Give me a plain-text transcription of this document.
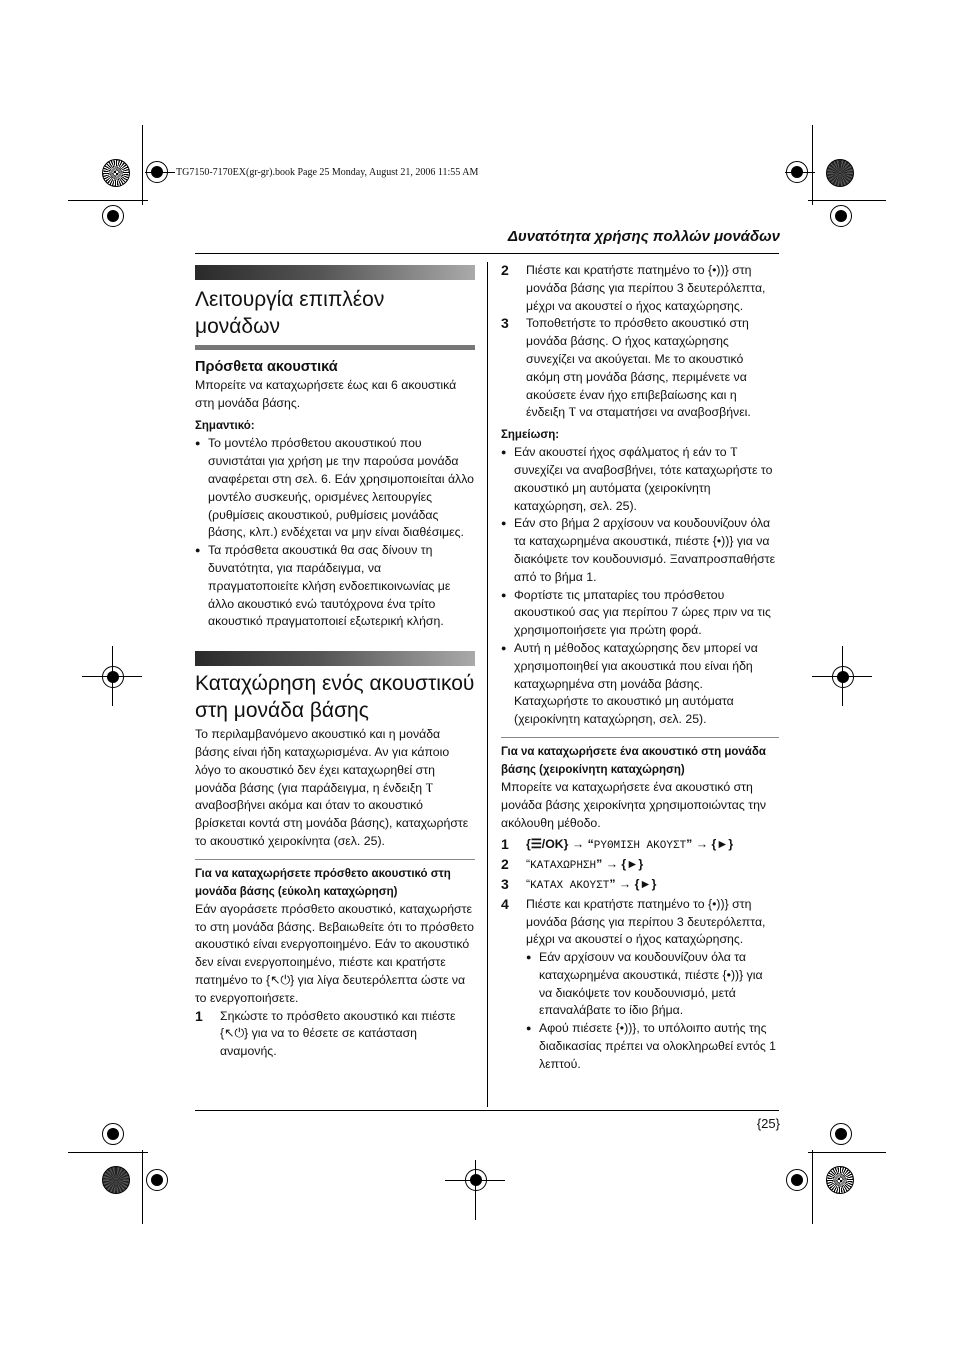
TG7150-7170EX(gr-gr).book Page 25 Monday, August 21, 2006 11:55 AM
Δυνατότητα χρήσης πολλών μονάδων
Λειτουργία επιπλέον μονάδων
Πρόσθετα ακουστικά

Μπορείτε να καταχωρήσετε έως και 6 ακουστικά στη μονάδα βάσης.

Σημαντικό:

● Το μοντέλο πρόσθετου ακουστικού που συνιστάται για χρήση με την παρούσα μονάδα αναφέρεται στη σελ. 6. Εάν χρησιμοποιείται άλλο μοντέλο συσκευής, ορισμένες λειτουργίες (ρυθμίσεις ακουστικού, ρυθμίσεις μονάδας βάσης, κλπ.) ενδέχεται να μην είναι διαθέσιμες.

● Τα πρόσθετα ακουστικά θα σας δίνουν τη δυνατότητα, για παράδειγμα, να πραγματοποιείτε κλήση ενδοεπικοινωνίας με άλλο ακουστικό ενώ ταυτόχρονα ένα τρίτο ακουστικό πραγματοποιεί εξωτερική κλήση.

Καταχώρηση ενός ακουστικού στη μονάδα βάσης

Το περιλαμβανόμενο ακουστικό και η μονάδα βάσης είναι ήδη καταχωρισμένα. Αν για κάποιο λόγο το ακουστικό δεν έχει καταχωρηθεί στη μονάδα βάσης (για παράδειγμα, η ένδειξη Ⲧ αναβοσβήνει ακόμα και όταν το ακουστικό βρίσκεται κοντά στη μονάδα βάσης), καταχωρήστε το ακουστικό χειροκίνητα (σελ. 25).

Για να καταχωρήσετε πρόσθετο ακουστικό στη μονάδα βάσης (εύκολη καταχώρηση)

Εάν αγοράσετε πρόσθετο ακουστικό, καταχωρήστε το στη μονάδα βάσης. Βεβαιωθείτε ότι το πρόσθετο ακουστικό είναι ενεργοποιημένο. Εάν το ακουστικό δεν είναι ενεργοποιημένο, πιέστε και κρατήστε πατημένο το {↖⏻} για λίγα δευτερόλεπτα ώστε να το ενεργοποιήσετε.

1 Σηκώστε το πρόσθετο ακουστικό και πιέστε {↖⏻} για να το θέσετε σε κατάσταση αναμονής.
2 Πιέστε και κρατήστε πατημένο το {•))} στη μονάδα βάσης για περίπου 3 δευτερόλεπτα, μέχρι να ακουστεί ο ήχος καταχώρησης.
3 Τοποθετήστε το πρόσθετο ακουστικό στη μονάδα βάσης. Ο ήχος καταχώρησης συνεχίζει να ακούγεται. Με το ακουστικό ακόμη στη μονάδα βάσης, περιμένετε να ακούσετε έναν ήχο επιβεβαίωσης και η ένδειξη Ⲧ να σταματήσει να αναβοσβήνει.
Σημείωση:

● Εάν ακουστεί ήχος σφάλματος ή εάν το Ⲧ συνεχίζει να αναβοσβήνει, τότε καταχωρήστε το ακουστικό μη αυτόματα (χειροκίνητη καταχώρηση, σελ. 25).

● Εάν στο βήμα 2 αρχίσουν να κουδουνίζουν όλα τα καταχωρημένα ακουστικά, πιέστε {•))} για να διακόψετε τον κουδουνισμό. Ξαναπροσπαθήστε από το βήμα 1.

● Φορτίστε τις μπαταρίες του πρόσθετου ακουστικού σας για περίπου 7 ώρες πριν να τις χρησιμοποιήσετε για πρώτη φορά.

● Αυτή η μέθοδος καταχώρησης δεν μπορεί να χρησιμοποιηθεί για ακουστικά που είναι ήδη καταχωρημένα στη μονάδα βάσης. Καταχωρήστε το ακουστικό μη αυτόματα (χειροκίνητη καταχώρηση, σελ. 25).

Για να καταχωρήσετε ένα ακουστικό στη μονάδα βάσης (χειροκίνητη καταχώρηση)

Μπορείτε να καταχωρήσετε ένα ακουστικό στη μονάδα βάσης χειροκίνητα χρησιμοποιώντας την ακόλουθη μέθοδο.

1 {☰/OK} → “ΡΥΘΜΙΣΗ ΑΚΟΥΣΤ” → {►}
2 “ΚΑΤΑΧΩΡΗΣΗ” → {►}
3 “ΚΑΤΑΧ ΑΚΟΥΣΤ” → {►}
4 Πιέστε και κρατήστε πατημένο το {•))} στη μονάδα βάσης για περίπου 3 δευτερόλεπτα, μέχρι να ακουστεί ο ήχος καταχώρησης.

● Εάν αρχίσουν να κουδουνίζουν όλα τα καταχωρημένα ακουστικά, πιέστε {•))} για να διακόψετε τον κουδουνισμό, μετά επαναλάβατε το ίδιο βήμα.

● Αφού πιέσετε {•))}, το υπόλοιπο αυτής της διαδικασίας πρέπει να ολοκληρωθεί εντός 1 λεπτού.

{25}
